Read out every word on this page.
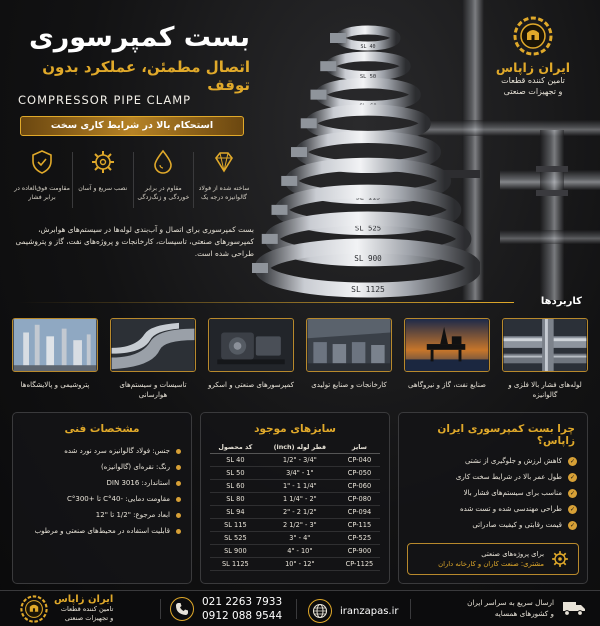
ایران زاپاس
تامین کننده قطعات
و تجهیزات صنعتی
بست کمپرسوری
اتصال مطمئن، عملکرد بدون توقف
COMPRESSOR PIPE CLAMP
استحکام بالا در شرایط کاری سخت
ساخته شده از فولاد گالوانیزه درجه یک
مقاوم در برابر خوردگی و زنگ‌زدگی
نصب سریع و آسان
مقاومت فوق‌العاده در برابر فشار
بست کمپرسوری برای اتصال و آب‌بندی لوله‌ها در سیستم‌های هوابرش، کمپرسورهای صنعتی، تاسیسات، کارخانجات و پروژه‌های نفت، گاز و پتروشیمی طراحی شده است.
SL 40
SL 50
SL 60
SL 80
SL 94
SL 115
SL 525
SL 900
SL 1125
کاربردها
لوله‌های فشار بالا فلزی و گالوانیزه
صنایع نفت، گاز و نیروگاهی
کارخانجات و صنایع تولیدی
کمپرسورهای صنعتی و اسکرو
تاسیسات و سیستم‌های هوارسانی
پتروشیمی و پالایشگاه‌ها
چرا بست کمپرسوری ایران زاپاس؟
✓
کاهش لرزش و جلوگیری از نشتی
✓
طول عمر بالا در شرایط سخت کاری
✓
مناسب برای سیستم‌های فشار بالا
✓
طراحی مهندسی شده و تست شده
✓
قیمت رقابتی و کیفیت صادراتی
برای پروژه‌های صنعتی
مشتری: صنعت کاران و کارخانه داران
سایزهای موجود
سایز	قطر لوله (inch)	کد محصول
CP-040	1/2" - 3/4"	SL 40
CP-050	3/4" - 1"	SL 50
CP-060	1" - 1 1/4"	SL 60
CP-080	1 1/4" - 2"	SL 80
CP-094	2" - 2 1/2"	SL 94
CP-115	2 1/2" - 3"	SL 115
CP-525	3" - 4"	SL 525
CP-900	4" - 10"	SL 900
CP-1125	10" - 12"	SL 1125
مشخصات فنی
جنس: فولاد گالوانیزه سرد نورد شده
رنگ: نقره‌ای (گالوانیزه)
استاندارد: DIN 3016
مقاومت دمایی: -40°C تا +300°C
ابعاد مرجوع: "1/2 تا "12
قابلیت استفاده در محیط‌های صنعتی و مرطوب
ارسال سریع به سراسر ایران
و کشورهای همسایه
iranzapas.ir
021 2263 7933
0912 088 9544
ایران زاپاس
تامین کننده قطعات
و تجهیزات صنعتی
